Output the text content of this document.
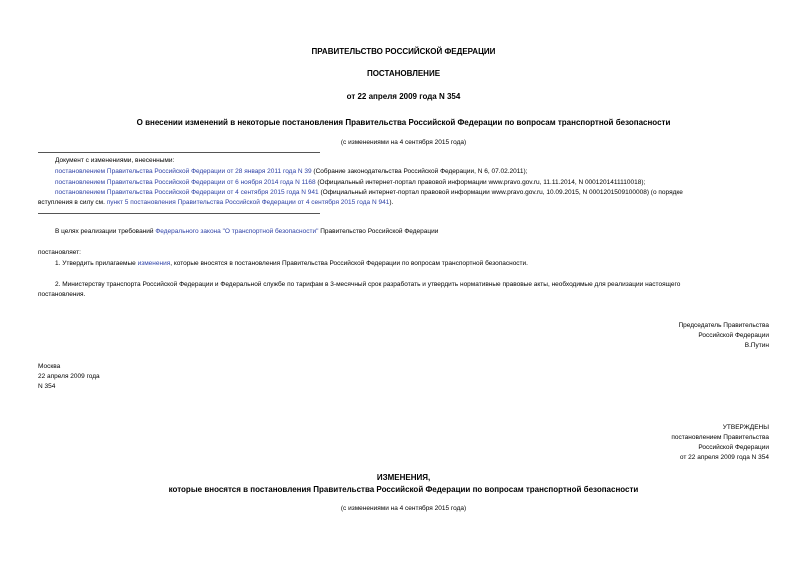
ПРАВИТЕЛЬСТВО РОССИЙСКОЙ ФЕДЕРАЦИИ
ПОСТАНОВЛЕНИЕ
от 22 апреля 2009 года N 354
О внесении изменений в некоторые постановления Правительства Российской Федерации по вопросам транспортной безопасности
(с изменениями на 4 сентября 2015 года)
Документ с изменениями, внесенными:
постановлением Правительства Российской Федерации от 28 января 2011 года N 39 (Собрание законодательства Российской Федерации, N 6, 07.02.2011);
постановлением Правительства Российской Федерации от 6 ноября 2014 года N 1168 (Официальный интернет-портал правовой информации www.pravo.gov.ru, 11.11.2014, N 0001201411110018);
постановлением Правительства Российской Федерации от 4 сентября 2015 года N 941 (Официальный интернет-портал правовой информации www.pravo.gov.ru, 10.09.2015, N 0001201509100008) (о порядке
вступления в силу см. пункт 5 постановления Правительства Российской Федерации от 4 сентября 2015 года N 941).
В целях реализации требований Федерального закона "О транспортной безопасности" Правительство Российской Федерации
постановляет:
1. Утвердить прилагаемые изменения, которые вносятся в постановления Правительства Российской Федерации по вопросам транспортной безопасности.
2. Министерству транспорта Российской Федерации и Федеральной службе по тарифам в 3-месячный срок разработать и утвердить нормативные правовые акты, необходимые для реализации настоящего
постановления.
Председатель Правительства
Российской Федерации
В.Путин
Москва
22 апреля 2009 года
N 354
УТВЕРЖДЕНЫ
постановлением Правительства
Российской Федерации
от 22 апреля 2009 года N 354
ИЗМЕНЕНИЯ,
которые вносятся в постановления Правительства Российской Федерации по вопросам транспортной безопасности
(с изменениями на 4 сентября 2015 года)
